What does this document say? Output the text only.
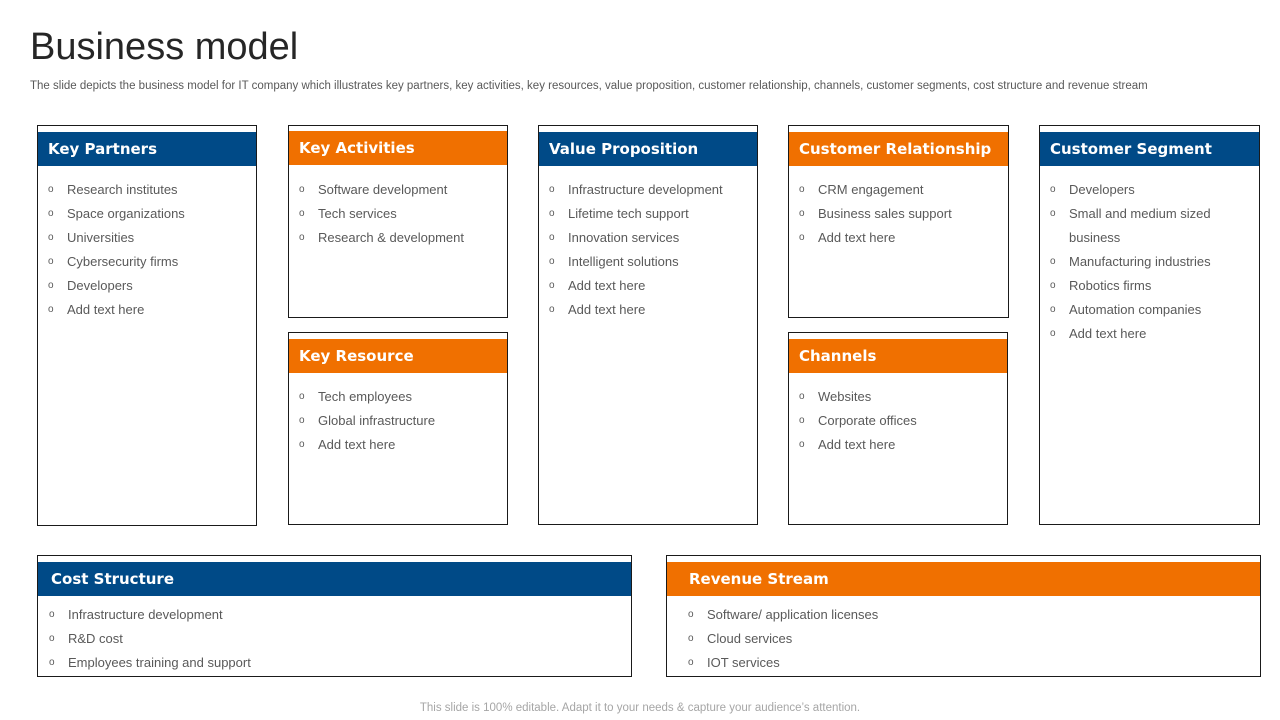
Business model
The slide depicts the business model for IT company which illustrates key partners, key activities, key resources, value proposition, customer relationship, channels, customer segments, cost structure and revenue stream
Key Partners
o Research institutes
o Space organizations
o Universities
o Cybersecurity firms
o Developers
o Add text here
Key Activities
o Software development
o Tech services
o Research & development
Key Resource
o Tech employees
o Global infrastructure
o Add text here
Value Proposition
o Infrastructure development
o Lifetime tech support
o Innovation services
o Intelligent solutions
o Add text here
o Add text here
Customer Relationship
o CRM engagement
o Business sales support
o Add text here
Channels
o Websites
o Corporate offices
o Add text here
Customer Segment
o Developers
o Small and medium sized business
o Manufacturing industries
o Robotics firms
o Automation companies
o Add text here
Cost Structure
o Infrastructure development
o R&D cost
o Employees training and support
Revenue Stream
o Software/ application licenses
o Cloud services
o IOT services
This slide is 100% editable. Adapt it to your needs & capture your audience’s attention.
